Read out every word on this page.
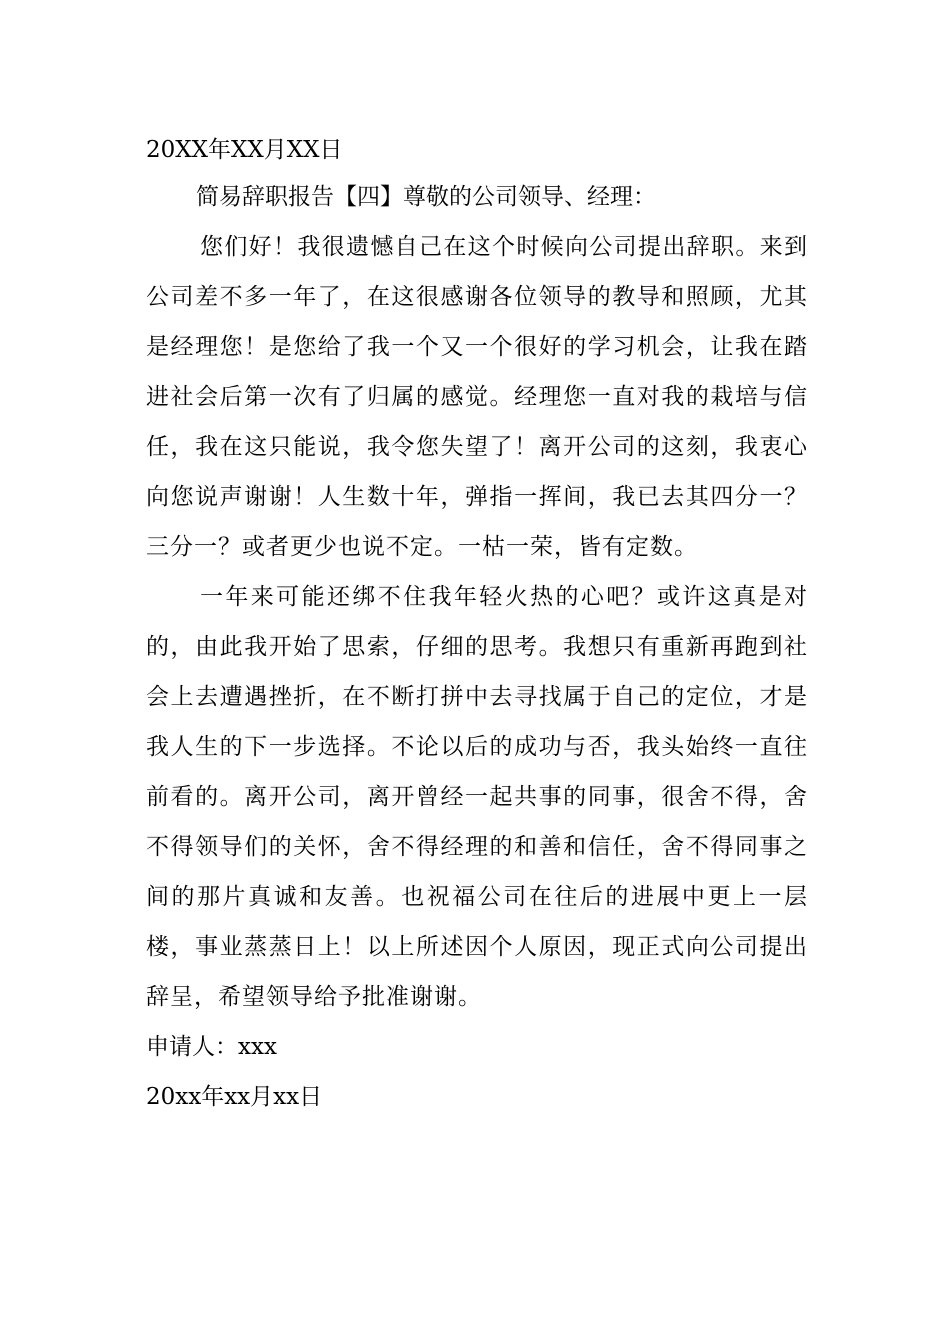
20XX年XX月XX日

简易辞职报告【四】尊敬的公司领导、经理：

您们好！我很遗憾自己在这个时候向公司提出辞职。来到公司差不多一年了，在这很感谢各位领导的教导和照顾，尤其是经理您！是您给了我一个又一个很好的学习机会，让我在踏进社会后第一次有了归属的感觉。经理您一直对我的栽培与信任，我在这只能说，我令您失望了！离开公司的这刻，我衷心向您说声谢谢！人生数十年，弹指一挥间，我已去其四分一？三分一？或者更少也说不定。一枯一荣，皆有定数。

一年来可能还绑不住我年轻火热的心吧？或许这真是对的，由此我开始了思索，仔细的思考。我想只有重新再跑到社会上去遭遇挫折，在不断打拼中去寻找属于自己的定位，才是我人生的下一步选择。不论以后的成功与否，我头始终一直往前看的。离开公司，离开曾经一起共事的同事，很舍不得，舍不得领导们的关怀，舍不得经理的和善和信任，舍不得同事之间的那片真诚和友善。也祝福公司在往后的进展中更上一层楼，事业蒸蒸日上！以上所述因个人原因，现正式向公司提出辞呈，希望领导给予批准谢谢。

申请人：xxx

20xx年xx月xx日
